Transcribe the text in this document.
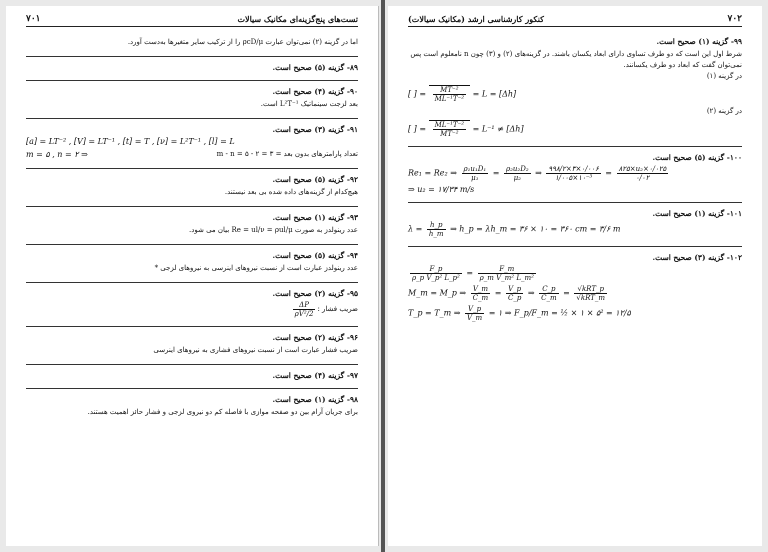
۷۰۱	تست‌های پنج‌گزینه‌ای مکانیک سیالات
اما در گزینه (۲) نمی‌توان عبارت ρcD/μ را از ترکیب سایر متغیرها به‌دست آورد.
۸۹- گزینه (۵) صحیح است.
۹۰- گزینه (۴) صحیح است.
بعد لزجت سینماتیک L²T⁻¹ است.
۹۱- گزینه (۳) صحیح است.
[a] = LT⁻² , [V] = LT⁻¹ , [t] = T , [ν] = L²T⁻¹ , [l] = L
m = ۵ , n = ۲ ⇒	تعداد پارامترهای بدون بعد = m - n = ۵ - ۲ = ۳
۹۲- گزینه (۵) صحیح است.
هیچ‌کدام از گزینه‌های داده شده بی بعد نیستند.
۹۳- گزینه (۱) صحیح است.
عدد رینولدز به صورت Re = ul/ν = ρul/μ بیان می شود.
۹۴- گزینه (۵) صحیح است.
عدد رینولدز عبارت است از نسبت نیروهای اینرسی به نیروهای لزجی *
۹۵- گزینه (۲) صحیح است.
ضریب فشار :
$\frac{\Delta P}{\text{ρV²/2}}$
۹۶- گزینه (۲) صحیح است.
ضریب فشار عبارت است از نسبت نیروهای فشاری به نیروهای اینرسی
۹۷- گزینه (۴) صحیح است.
۹۸- گزینه (۱) صحیح است.
برای جریان آرام بین دو صفحه موازی با فاصله کم دو نیروی لزجی و فشار حائز اهمیت هستند.
کنکور کارشناسی ارشد (مکانیک سیالات)	۷۰۲
۹۹- گزینه (۱) صحیح است.
شرط اول این است که دو طرف تساوی دارای ابعاد یکسان باشند. در گزینه‌های (۲) و (۳) چون n نامعلوم است پس نمی‌توان گفت که ابعاد دو طرف یکسانند.
در گزینه (۱)
[ ] = $\frac{\text{MT⁻²}}{\text{ML⁻¹T⁻²}} = L = [\Delta h]$
در گزینه (۲)
[ ] = $\frac{\text{ML⁻¹T⁻²}}{\text{MT⁻²}} = L^{-1} \ne [\Delta h]$
۱۰۰- گزینه (۵) صحیح است.
Re₁ = Re₂ ⇒ $\frac{\text{ρ₁u₁D₁}}{\text{μ₁}} = \frac{\text{ρ₂u₂D₂}}{\text{μ₂}}$ ⇒ $\frac{۹۹۸/۲\times ۳\times ۰/۰۰۶}{\text{۱/۰۰۵×۱۰⁻³}} = \frac{\text{۸۲۵×u₂×۰/۰۲۵}}{۰/۰۲}$
⇒ u₂ = ۱۷/۳۴ m/s
۱۰۱- گزینه (۱) صحیح است.
$\lambda = \frac{h\_p}{h\_m}$ ⇒ h_p = λh_m = ۳۶ × ۱۰ = ۳۶۰ cm = ۳/۶ m
۱۰۲- گزینه (۳) صحیح است.
$\frac{F\_p}{\text{ρ\_p V\_p² L\_p²}} = \frac{F\_m}{\text{ρ\_m V\_m² L\_m²}}$
M_m = M_p ⇒ $\frac{V\_m}{C\_m} = \frac{V\_p}{C\_p}$ ⇒ $\frac{C\_p}{C\_m} = \frac{\text{√kRT\_p}}{\text{√kRT\_m}}$
T_p = T_m ⇒ $\frac{V\_p}{V\_m}$ = ۱ ⇒ F_p/F_m = ½ × ۱ × ۵² = ۱۲/۵
